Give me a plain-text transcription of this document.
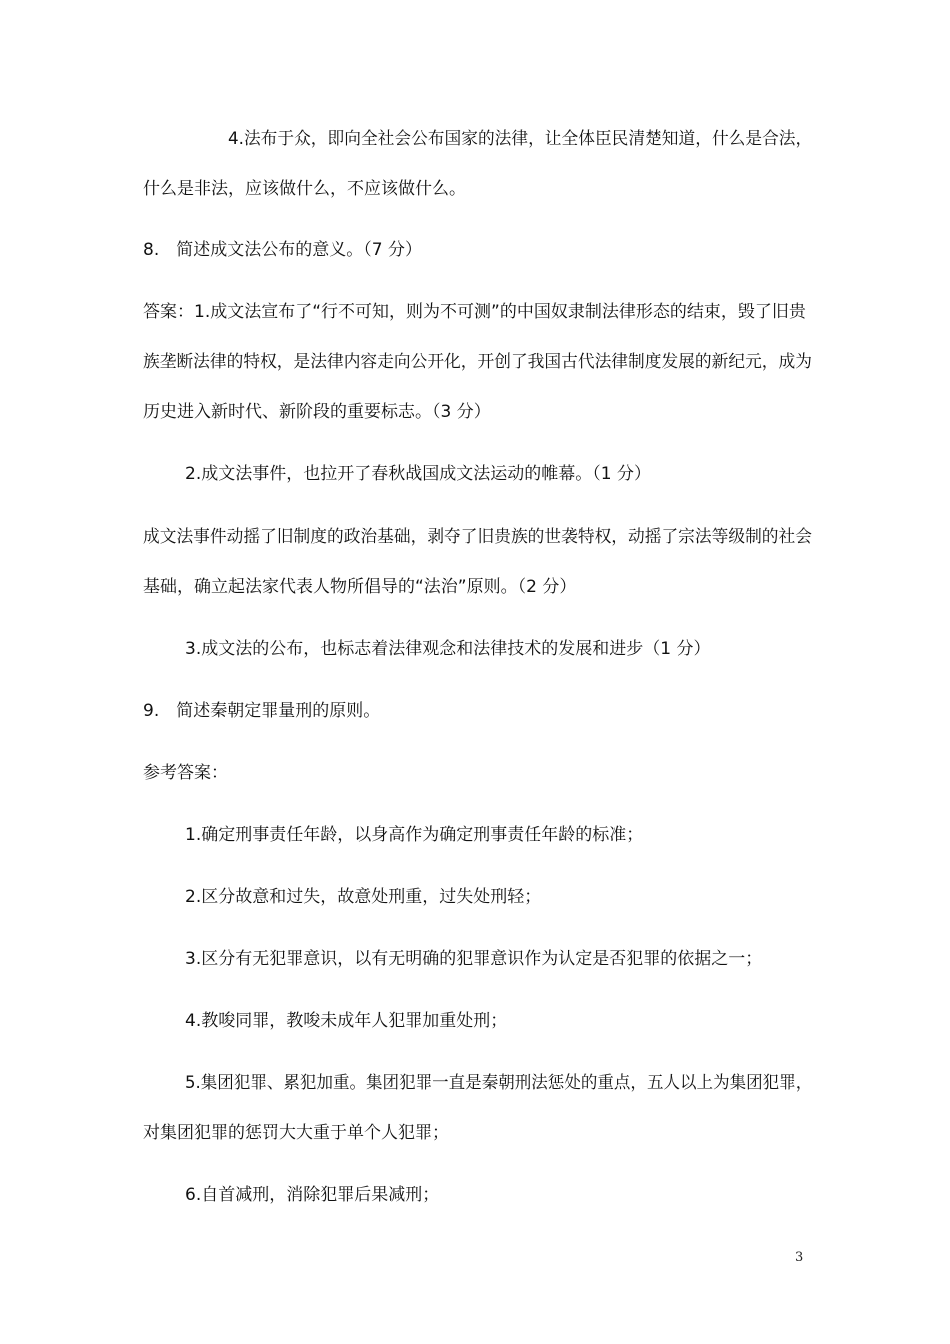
4.法布于众，即向全社会公布国家的法律，让全体臣民清楚知道，什么是合法，
什么是非法，应该做什么，不应该做什么。
8.　简述成文法公布的意义。（7 分）
答案：1.成文法宣布了“行不可知，则为不可测”的中国奴隶制法律形态的结束，毁了旧贵
族垄断法律的特权，是法律内容走向公开化，开创了我国古代法律制度发展的新纪元，成为
历史进入新时代、新阶段的重要标志。（3 分）
2.成文法事件，也拉开了春秋战国成文法运动的帷幕。（1 分）
成文法事件动摇了旧制度的政治基础，剥夺了旧贵族的世袭特权，动摇了宗法等级制的社会
基础，确立起法家代表人物所倡导的“法治”原则。（2 分）
3.成文法的公布，也标志着法律观念和法律技术的发展和进步（1 分）
9.　简述秦朝定罪量刑的原则。
参考答案：
1.确定刑事责任年龄，以身高作为确定刑事责任年龄的标准；
2.区分故意和过失，故意处刑重，过失处刑轻；
3.区分有无犯罪意识，以有无明确的犯罪意识作为认定是否犯罪的依据之一；
4.教唆同罪，教唆未成年人犯罪加重处刑；
5.集团犯罪、累犯加重。集团犯罪一直是秦朝刑法惩处的重点，五人以上为集团犯罪，
对集团犯罪的惩罚大大重于单个人犯罪；
6.自首减刑，消除犯罪后果减刑；
3
